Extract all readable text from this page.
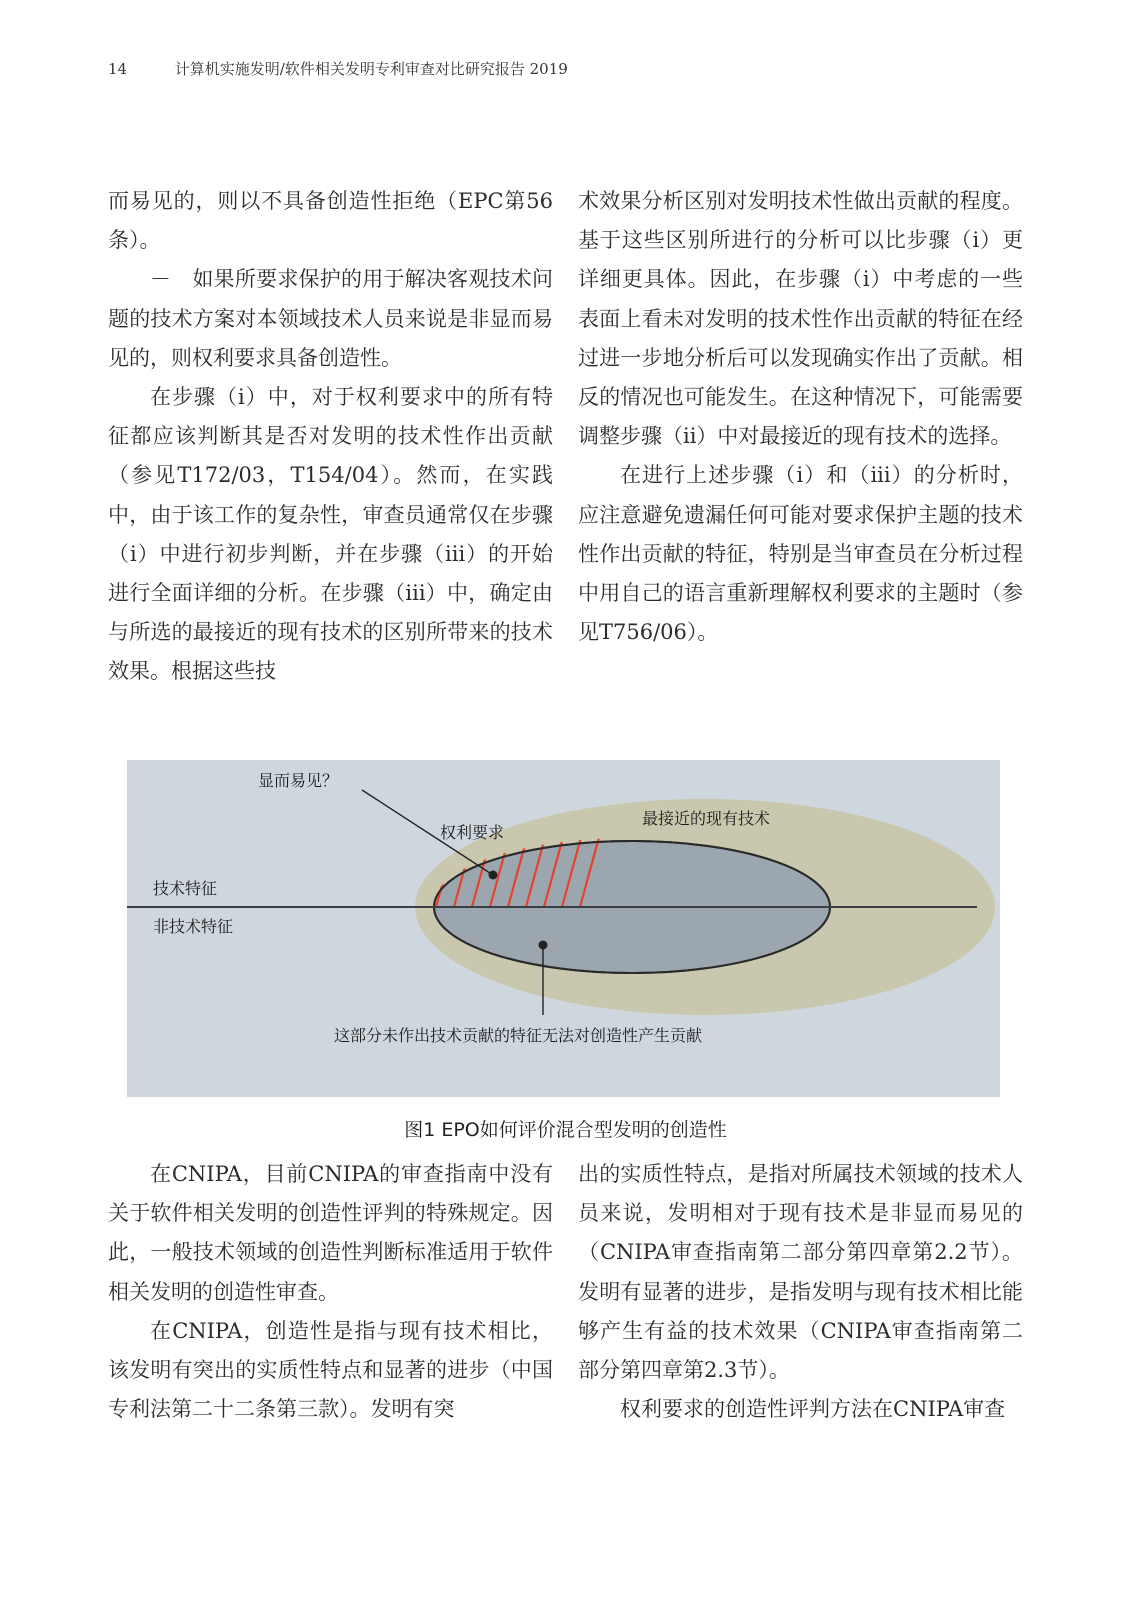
14	计算机实施发明/软件相关发明专利审查对比研究报告 2019

而易见的，则以不具备创造性拒绝（EPC第56条）。

－　如果所要求保护的用于解决客观技术问题的技术方案对本领域技术人员来说是非显而易见的，则权利要求具备创造性。

在步骤（i）中，对于权利要求中的所有特征都应该判断其是否对发明的技术性作出贡献（参见T172/03，T154/04）。然而，在实践中，由于该工作的复杂性，审查员通常仅在步骤（i）中进行初步判断，并在步骤（iii）的开始进行全面详细的分析。在步骤（iii）中，确定由与所选的最接近的现有技术的区别所带来的技术效果。根据这些技

术效果分析区别对发明技术性做出贡献的程度。基于这些区别所进行的分析可以比步骤（i）更详细更具体。因此，在步骤（i）中考虑的一些表面上看未对发明的技术性作出贡献的特征在经过进一步地分析后可以发现确实作出了贡献。相反的情况也可能发生。在这种情况下，可能需要调整步骤（ii）中对最接近的现有技术的选择。

在进行上述步骤（i）和（iii）的分析时，应注意避免遗漏任何可能对要求保护主题的技术性作出贡献的特征，特别是当审查员在分析过程中用自己的语言重新理解权利要求的主题时（参见T756/06）。

显而易见？
权利要求
最接近的现有技术
技术特征
非技术特征
这部分未作出技术贡献的特征无法对创造性产生贡献
图1 EPO如何评价混合型发明的创造性

在CNIPA，目前CNIPA的审查指南中没有关于软件相关发明的创造性评判的特殊规定。因此，一般技术领域的创造性判断标准适用于软件相关发明的创造性审查。

在CNIPA，创造性是指与现有技术相比，该发明有突出的实质性特点和显著的进步（中国专利法第二十二条第三款）。发明有突

出的实质性特点，是指对所属技术领域的技术人员来说，发明相对于现有技术是非显而易见的（CNIPA审查指南第二部分第四章第2.2节）。发明有显著的进步，是指发明与现有技术相比能够产生有益的技术效果（CNIPA审查指南第二部分第四章第2.3节）。

权利要求的创造性评判方法在CNIPA审查
